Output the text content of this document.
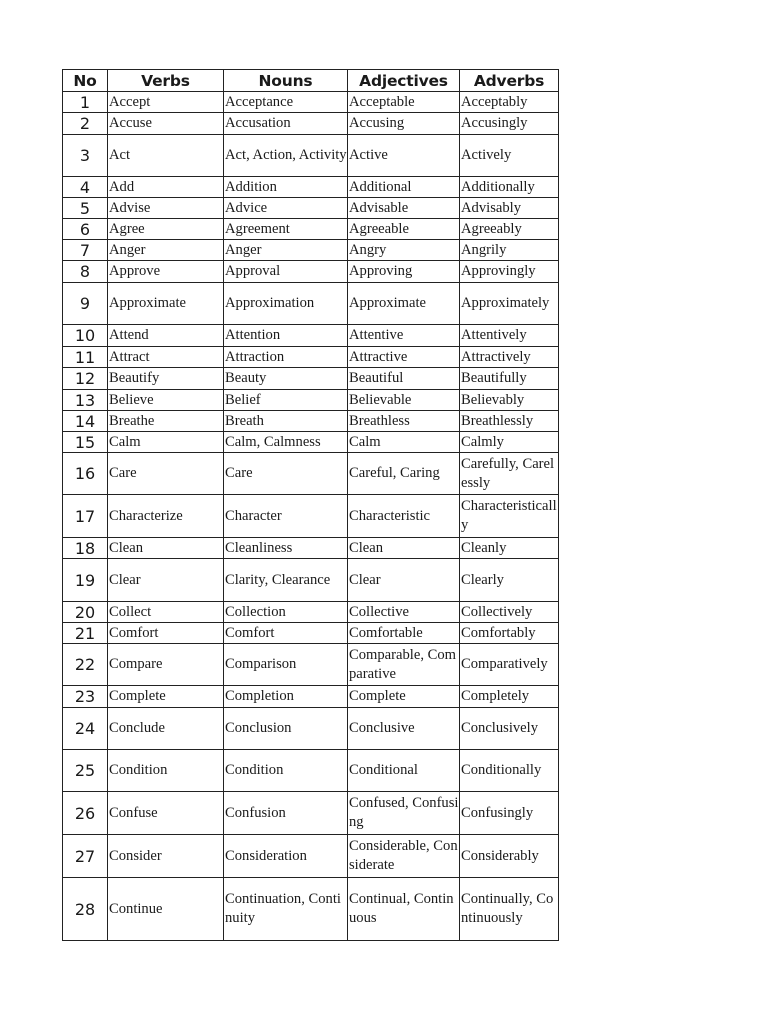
No	Verbs	Nouns	Adjectives	Adverbs
1	Accept	Acceptance	Acceptable	Acceptably
2	Accuse	Accusation	Accusing	Accusingly
3	Act	Act, Action, Activity	Active	Actively
4	Add	Addition	Additional	Additionally
5	Advise	Advice	Advisable	Advisably
6	Agree	Agreement	Agreeable	Agreeably
7	Anger	Anger	Angry	Angrily
8	Approve	Approval	Approving	Approvingly
9	Approximate	Approximation	Approximate	Approximately
10	Attend	Attention	Attentive	Attentively
11	Attract	Attraction	Attractive	Attractively
12	Beautify	Beauty	Beautiful	Beautifully
13	Believe	Belief	Believable	Believably
14	Breathe	Breath	Breathless	Breathlessly
15	Calm	Calm, Calmness	Calm	Calmly
16	Care	Care	Careful, Caring	Carefully, Carelessly
17	Characterize	Character	Characteristic	Characteristically
18	Clean	Cleanliness	Clean	Cleanly
19	Clear	Clarity, Clearance	Clear	Clearly
20	Collect	Collection	Collective	Collectively
21	Comfort	Comfort	Comfortable	Comfortably
22	Compare	Comparison	Comparable, Comparative	Comparatively
23	Complete	Completion	Complete	Completely
24	Conclude	Conclusion	Conclusive	Conclusively
25	Condition	Condition	Conditional	Conditionally
26	Confuse	Confusion	Confused, Confusing	Confusingly
27	Consider	Consideration	Considerable, Considerate	Considerably
28	Continue	Continuation, Continuity	Continual, Continuous	Continually, Continuously
